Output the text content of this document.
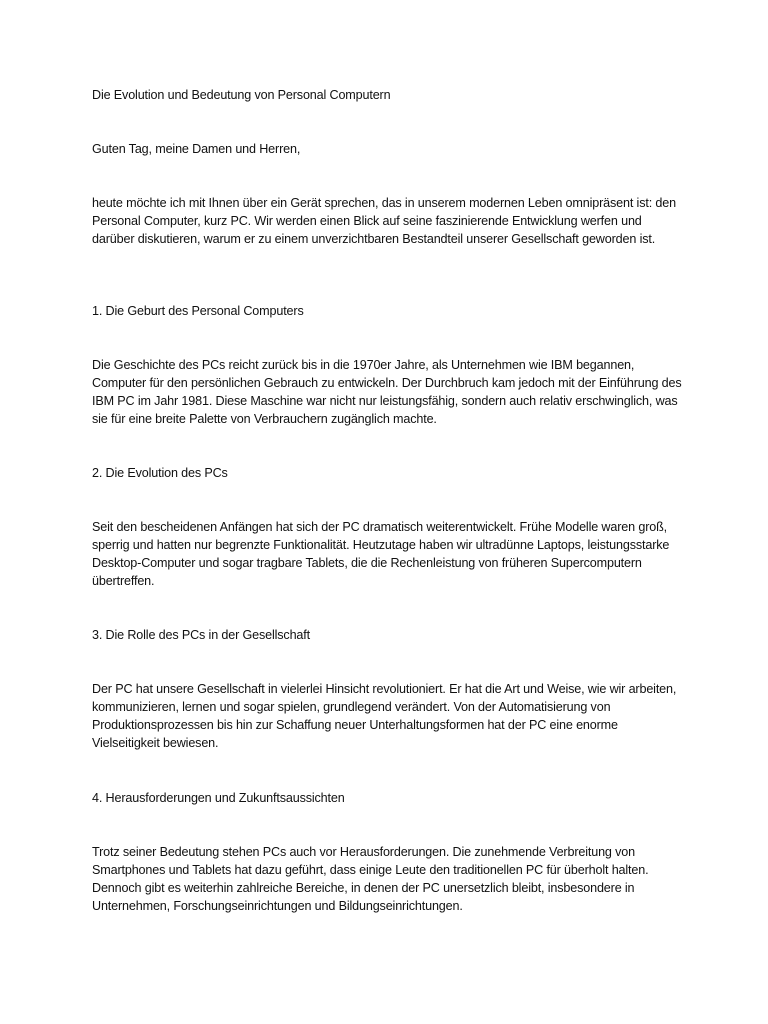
Die Evolution und Bedeutung von Personal Computern

Guten Tag, meine Damen und Herren,

heute möchte ich mit Ihnen über ein Gerät sprechen, das in unserem modernen Leben omnipräsent ist: den Personal Computer, kurz PC. Wir werden einen Blick auf seine faszinierende Entwicklung werfen und darüber diskutieren, warum er zu einem unverzichtbaren Bestandteil unserer Gesellschaft geworden ist.

1. Die Geburt des Personal Computers

Die Geschichte des PCs reicht zurück bis in die 1970er Jahre, als Unternehmen wie IBM begannen, Computer für den persönlichen Gebrauch zu entwickeln. Der Durchbruch kam jedoch mit der Einführung des IBM PC im Jahr 1981. Diese Maschine war nicht nur leistungsfähig, sondern auch relativ erschwinglich, was sie für eine breite Palette von Verbrauchern zugänglich machte.

2. Die Evolution des PCs

Seit den bescheidenen Anfängen hat sich der PC dramatisch weiterentwickelt. Frühe Modelle waren groß, sperrig und hatten nur begrenzte Funktionalität. Heutzutage haben wir ultradünne Laptops, leistungsstarke Desktop-Computer und sogar tragbare Tablets, die die Rechenleistung von früheren Supercomputern übertreffen.

3. Die Rolle des PCs in der Gesellschaft

Der PC hat unsere Gesellschaft in vielerlei Hinsicht revolutioniert. Er hat die Art und Weise, wie wir arbeiten, kommunizieren, lernen und sogar spielen, grundlegend verändert. Von der Automatisierung von Produktionsprozessen bis hin zur Schaffung neuer Unterhaltungsformen hat der PC eine enorme Vielseitigkeit bewiesen.

4. Herausforderungen und Zukunftsaussichten

Trotz seiner Bedeutung stehen PCs auch vor Herausforderungen. Die zunehmende Verbreitung von Smartphones und Tablets hat dazu geführt, dass einige Leute den traditionellen PC für überholt halten. Dennoch gibt es weiterhin zahlreiche Bereiche, in denen der PC unersetzlich bleibt, insbesondere in Unternehmen, Forschungseinrichtungen und Bildungseinrichtungen.
